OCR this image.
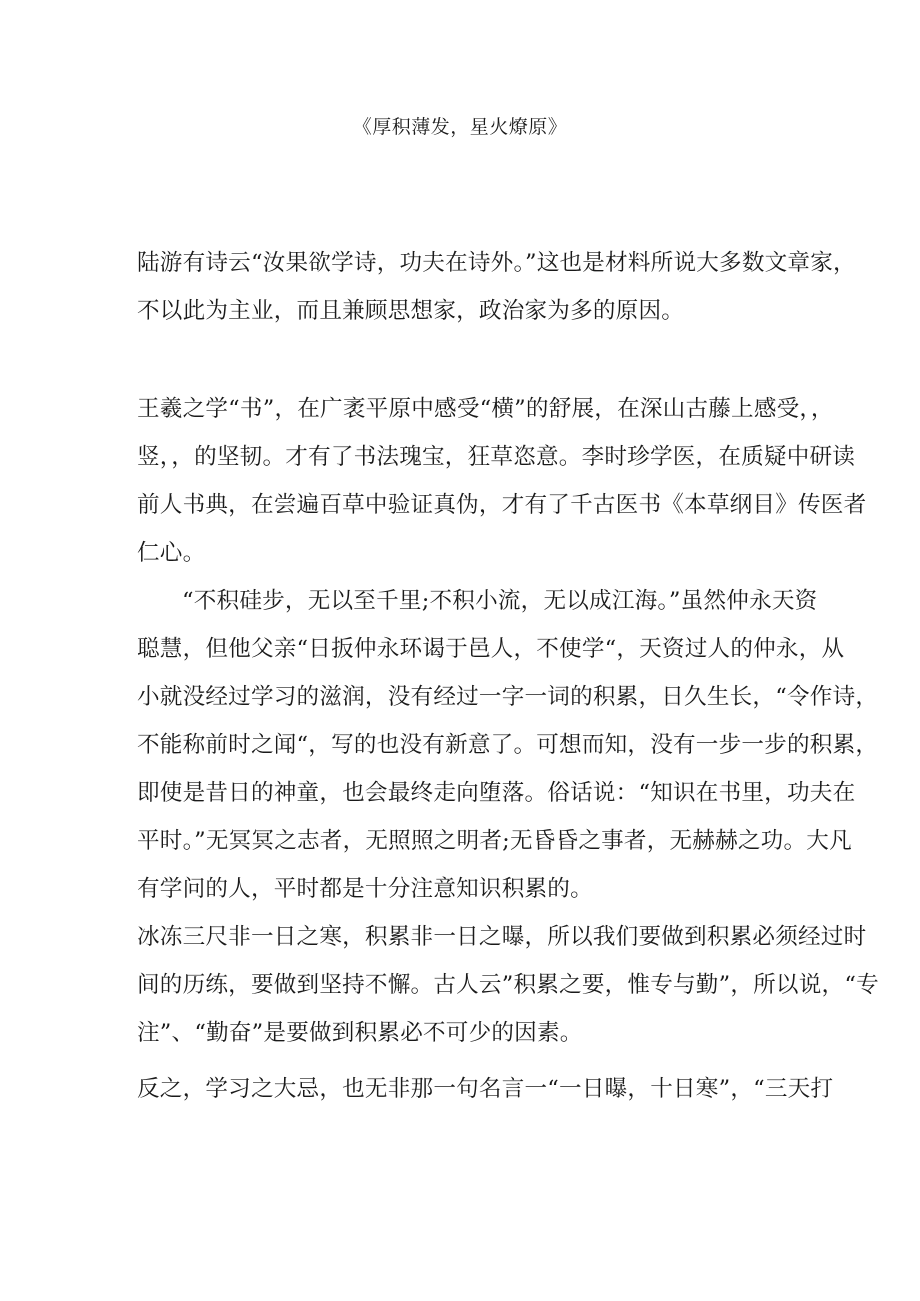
《厚积薄发，星火燎原》
陆游有诗云“汝果欲学诗，功夫在诗外。”这也是材料所说大多数文章家，
不以此为主业，而且兼顾思想家，政治家为多的原因。
王羲之学“书”，在广袤平原中感受“横”的舒展，在深山古藤上感受，，
竖，，的坚韧。才有了书法瑰宝，狂草恣意。李时珍学医，在质疑中研读
前人书典，在尝遍百草中验证真伪，才有了千古医书《本草纲目》传医者
仁心。
“不积硅步，无以至千里;不积小流，无以成江海。”虽然仲永天资
聪慧，但他父亲“日扳仲永环谒于邑人，不使学“，天资过人的仲永，从
小就没经过学习的滋润，没有经过一字一词的积累，日久生长，“令作诗，
不能称前时之闻“，写的也没有新意了。可想而知，没有一步一步的积累，
即使是昔日的神童，也会最终走向堕落。俗话说：“知识在书里，功夫在
平时。”无冥冥之志者，无照照之明者;无昏昏之事者，无赫赫之功。大凡
有学问的人，平时都是十分注意知识积累的。
冰冻三尺非一日之寒，积累非一日之曝，所以我们要做到积累必须经过时
间的历练，要做到坚持不懈。古人云”积累之要，惟专与勤”，所以说，“专
注”、“勤奋”是要做到积累必不可少的因素。
反之，学习之大忌，也无非那一句名言一“一日曝，十日寒”，“三天打
